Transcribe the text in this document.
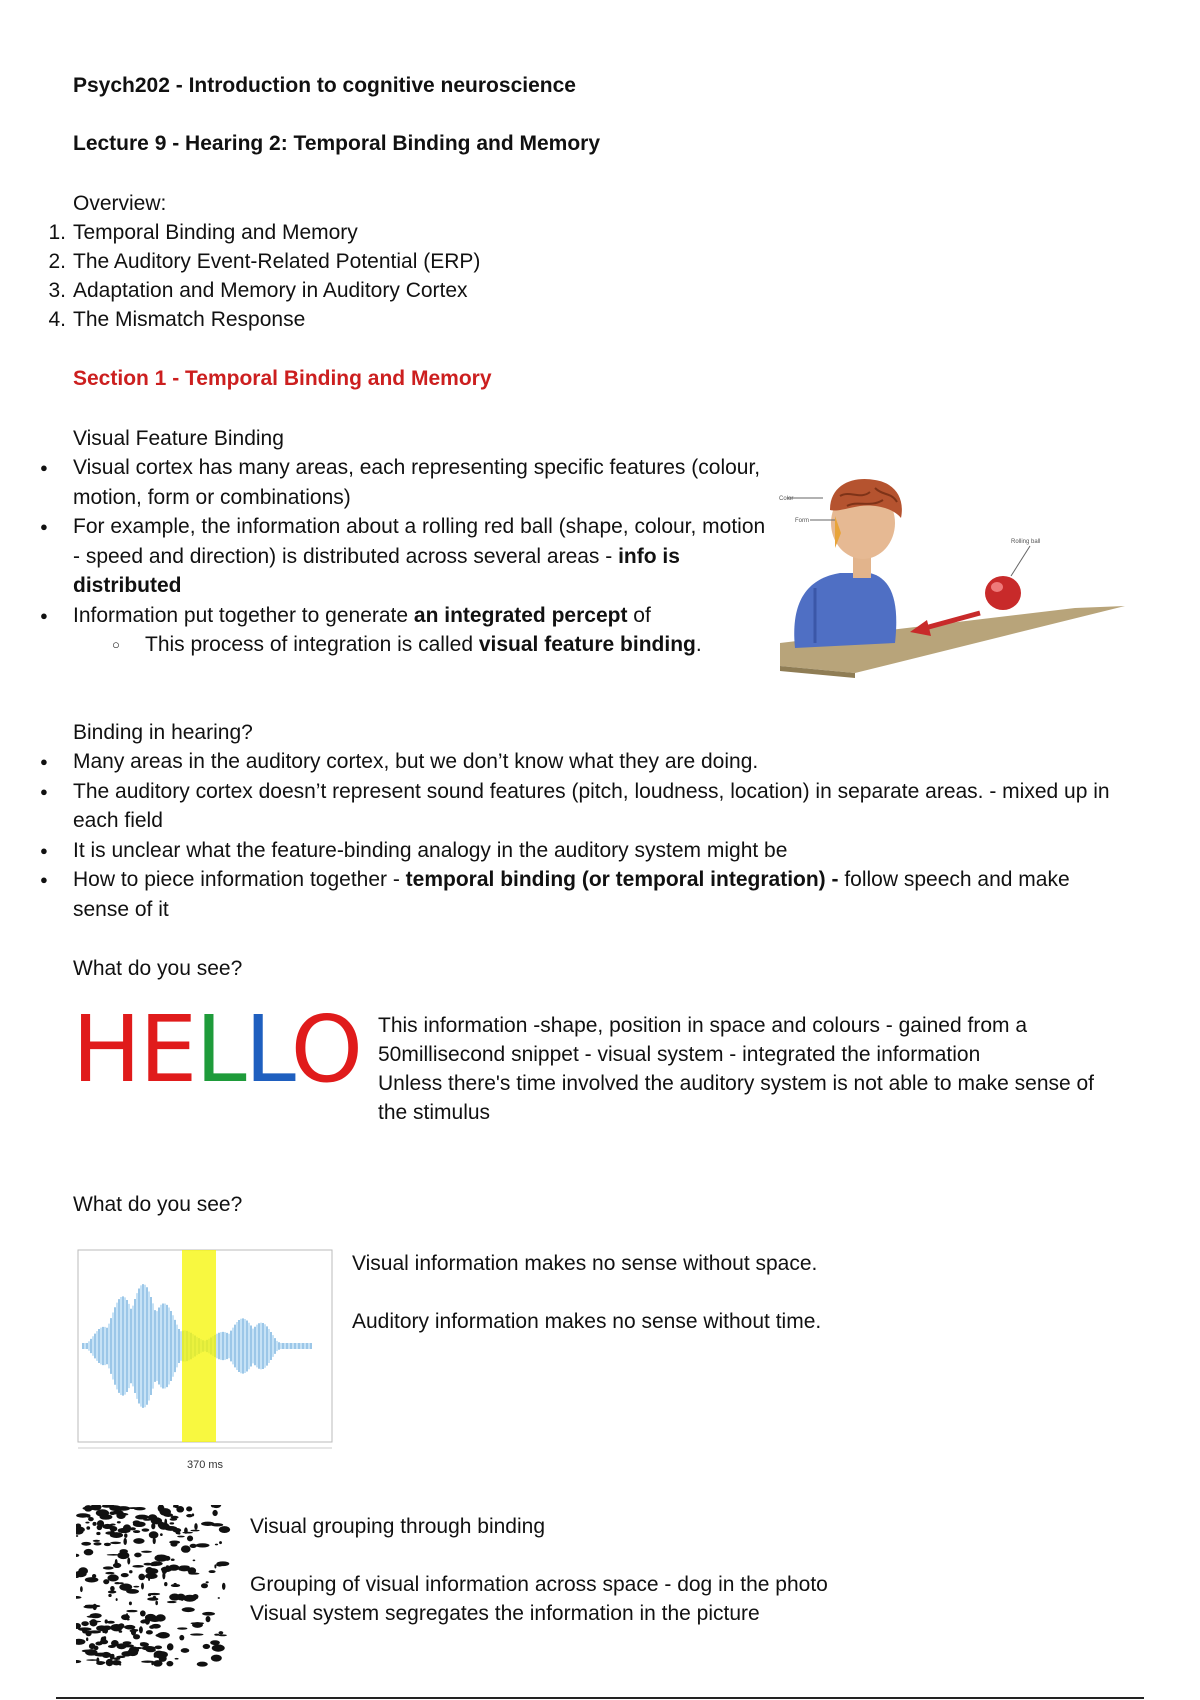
Psych202 - Introduction to cognitive neuroscience
Lecture 9 - Hearing 2: Temporal Binding and Memory
Overview:
1. Temporal Binding and Memory
2. The Auditory Event-Related Potential (ERP)
3. Adaptation and Memory in Auditory Cortex
4. The Mismatch Response
Section 1 - Temporal Binding and Memory
Visual Feature Binding
● Visual cortex has many areas, each representing specific features (colour, motion, form or combinations)
● For example, the information about a rolling red ball (shape, colour, motion - speed and direction) is distributed across several areas - info is distributed
● Information put together to generate an integrated percept of
○ This process of integration is called visual feature binding.
Color
Form
Rolling ball
Binding in hearing?
● Many areas in the auditory cortex, but we don’t know what they are doing.
● The auditory cortex doesn’t represent sound features (pitch, loudness, location) in separate areas. - mixed up in each field
● It is unclear what the feature-binding analogy in the auditory system might be
● How to piece information together - temporal binding (or temporal integration) - follow speech and make sense of it
What do you see?
HELLO This information -shape, position in space and colours - gained from a 50millisecond snippet - visual system - integrated the information
Unless there's time involved the auditory system is not able to make sense of the stimulus
What do you see?
370 ms
Visual information makes no sense without space.
Auditory information makes no sense without time.
Visual grouping through binding
Grouping of visual information across space - dog in the photo
Visual system segregates the information in the picture
